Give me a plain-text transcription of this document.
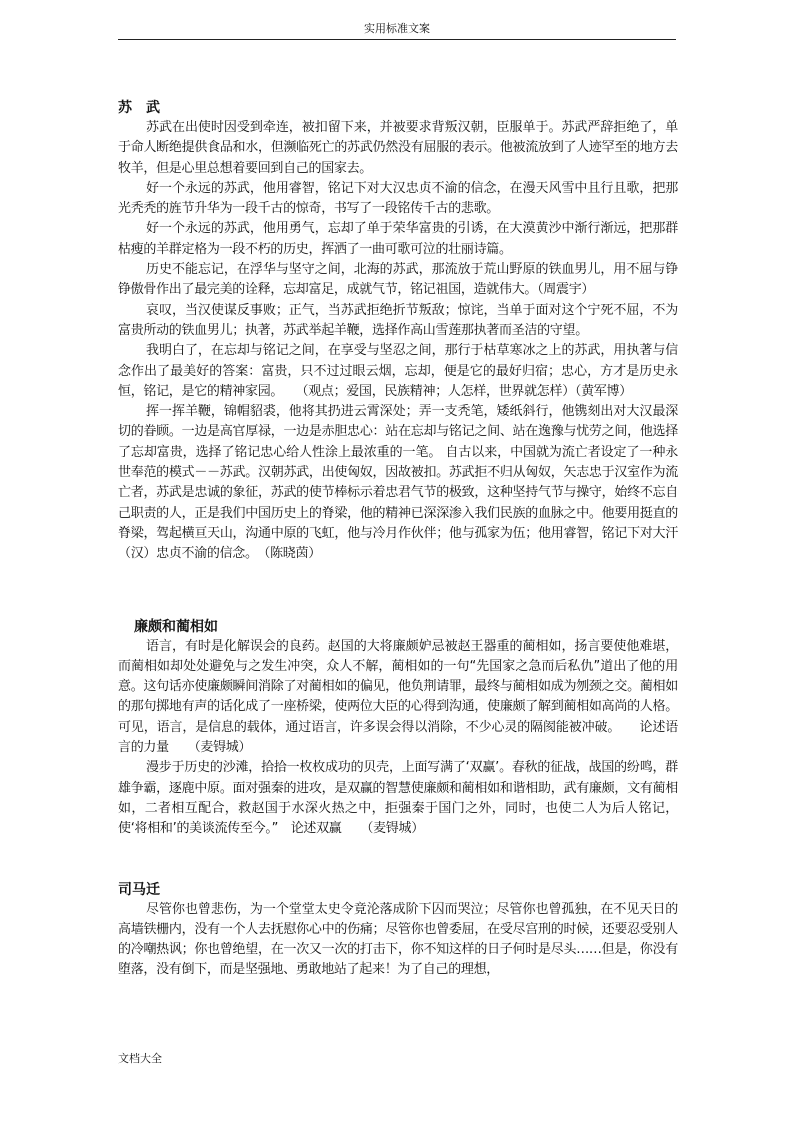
实用标准文案

苏　武

苏武在出使时因受到牵连，被扣留下来，并被要求背叛汉朝，臣服单于。苏武严辞拒绝了，单于命人断绝提供食品和水，但濒临死亡的苏武仍然没有屈服的表示。他被流放到了人迹罕至的地方去牧羊，但是心里总想着要回到自己的国家去。

好一个永远的苏武，他用睿智，铭记下对大汉忠贞不渝的信念，在漫天风雪中且行且歌，把那光秃秃的旌节升华为一段千古的惊奇，书写了一段铭传千古的悲歌。

好一个永远的苏武，他用勇气，忘却了单于荣华富贵的引诱，在大漠黄沙中渐行渐远，把那群枯瘦的羊群定格为一段不朽的历史，挥洒了一曲可歌可泣的壮丽诗篇。

历史不能忘记，在浮华与坚守之间，北海的苏武，那流放于荒山野原的铁血男儿，用不屈与铮铮傲骨作出了最完美的诠释，忘却富足，成就气节，铭记祖国，造就伟大。（周震宇）

哀叹，当汉使谋反事败；正气，当苏武拒绝折节叛敌；惊诧，当单于面对这个宁死不屈，不为富贵所动的铁血男儿；执著，苏武举起羊鞭，选择作高山雪莲那执著而圣洁的守望。

我明白了，在忘却与铭记之间，在享受与坚忍之间，那行于枯草寒冰之上的苏武，用执著与信念作出了最美好的答案：富贵，只不过过眼云烟，忘却，便是它的最好归宿；忠心，方才是历史永恒，铭记，是它的精神家园。　　（观点；爱国，民族精神；人怎样，世界就怎样）（黄军博）

挥一挥羊鞭，锦帽貂裘，他将其扔进云霄深处；弄一支秃笔，矮纸斜行，他镌刻出对大汉最深切的眷顾。一边是高官厚禄，一边是赤胆忠心：站在忘却与铭记之间、站在逸豫与忧劳之间，他选择了忘却富贵，选择了铭记忠心给人性涂上最浓重的一笔。 自古以来，中国就为流亡者设定了一种永世奉范的模式－－苏武。汉朝苏武，出使匈奴，因故被扣。苏武拒不归从匈奴，矢志忠于汉室作为流亡者，苏武是忠诚的象征，苏武的使节棒标示着忠君气节的极致，这种坚持气节与操守，始终不忘自己职责的人，正是我们中国历史上的脊梁，他的精神已深深渗入我们民族的血脉之中。他要用挺直的脊梁，驾起横亘天山，沟通中原的飞虹，他与冷月作伙伴；他与孤家为伍；他用睿智，铭记下对大汗（汉）忠贞不渝的信念。　（陈晓茵）

廉颇和蔺相如

语言，有时是化解误会的良药。赵国的大将廉颇妒忌被赵王器重的蔺相如，扬言要使他难堪，而蔺相如却处处避免与之发生冲突，众人不解，蔺相如的一句“先国家之急而后私仇”道出了他的用意。这句话亦使廉颇瞬间消除了对蔺相如的偏见，他负荆请罪，最终与蔺相如成为刎颈之交。蔺相如的那句掷地有声的话化成了一座桥梁，使两位大臣的心得到沟通，使廉颇了解到蔺相如高尚的人格。可见，语言，是信息的载体，通过语言，许多误会得以消除，不少心灵的隔阂能被冲破。　　论述语言的力量　　（麦锝城）

漫步于历史的沙滩，拾拾一枚枚成功的贝壳，上面写满了‘双赢’。春秋的征战，战国的纷鸣，群雄争霸，逐鹿中原。面对强秦的进攻，是双赢的智慧使廉颇和蔺相如和谐相助，武有廉颇，文有蔺相如，二者相互配合，救赵国于水深火热之中，拒强秦于国门之外，同时，也使二人为后人铭记，使‘将相和’的美谈流传至今。”　论述双赢　　（麦锝城）

司马迁

尽管你也曾悲伤，为一个堂堂太史令竟沦落成阶下囚而哭泣；尽管你也曾孤独，在不见天日的高墙铁栅内，没有一个人去抚慰你心中的伤痛；尽管你也曾委屈，在受尽宫刑的时候，还要忍受别人的冷嘲热讽；你也曾绝望，在一次又一次的打击下，你不知这样的日子何时是尽头……但是，你没有堕落，没有倒下，而是坚强地、勇敢地站了起来！为了自己的理想，

文档大全
